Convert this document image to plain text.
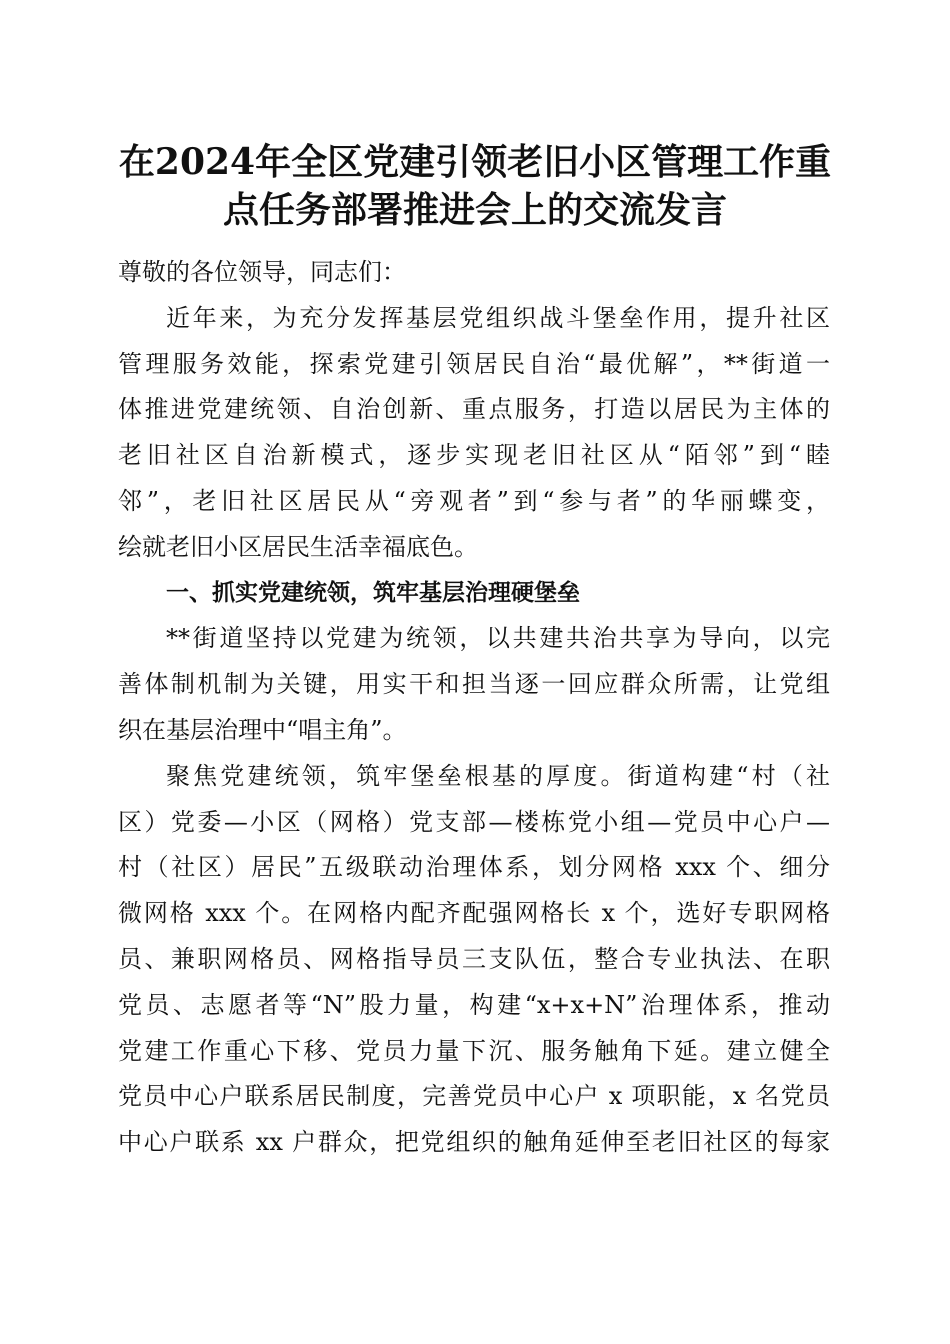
在2024年全区党建引领老旧小区管理工作重
点任务部署推进会上的交流发言
尊敬的各位领导，同志们：
近年来，为充分发挥基层党组织战斗堡垒作用，提升社区
管理服务效能，探索党建引领居民自治“最优解”，**街道一
体推进党建统领、自治创新、重点服务，打造以居民为主体的
老旧社区自治新模式，逐步实现老旧社区从“陌邻”到“睦
邻”，老旧社区居民从“旁观者”到“参与者”的华丽蝶变，
绘就老旧小区居民生活幸福底色。
一、抓实党建统领，筑牢基层治理硬堡垒
**街道坚持以党建为统领，以共建共治共享为导向，以完
善体制机制为关键，用实干和担当逐一回应群众所需，让党组
织在基层治理中“唱主角”。
聚焦党建统领，筑牢堡垒根基的厚度。街道构建“村（社
区）党委—小区（网格）党支部—楼栋党小组—党员中心户—
村（社区）居民”五级联动治理体系，划分网格 xxx 个、细分
微网格 xxx 个。在网格内配齐配强网格长 x 个，选好专职网格
员、兼职网格员、网格指导员三支队伍，整合专业执法、在职
党员、志愿者等“N”股力量，构建“x+x+N”治理体系，推动
党建工作重心下移、党员力量下沉、服务触角下延。建立健全
党员中心户联系居民制度，完善党员中心户 x 项职能，x 名党员
中心户联系 xx 户群众，把党组织的触角延伸至老旧社区的每家
